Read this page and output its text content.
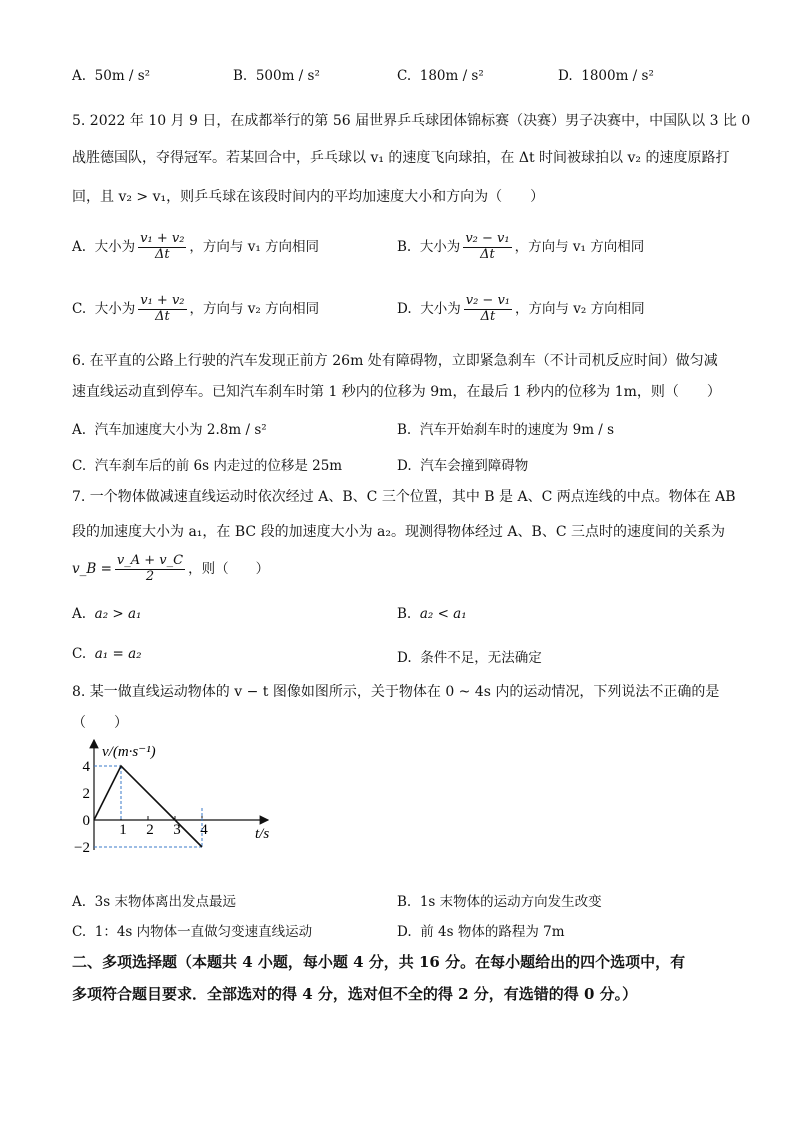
A. 50m / s²	B. 500m / s²	C. 180m / s²	D. 1800m / s²
5. 2022 年 10 月 9 日，在成都举行的第 56 届世界乒乓球团体锦标赛（决赛）男子决赛中，中国队以 3 比 0
战胜德国队，夺得冠军。若某回合中，乒乓球以 v₁ 的速度飞向球拍，在 Δt 时间被球拍以 v₂ 的速度原路打
回，且 v₂ > v₁，则乒乓球在该段时间内的平均加速度大小和方向为（　　）
A. 大小为 $\frac{\text{v₁ + v₂}}{\Delta t}$ ，方向与 v₁ 方向相同	B. 大小为 $\frac{\text{v₂ − v₁}}{\Delta t}$ ，方向与 v₁ 方向相同
C. 大小为 $\frac{\text{v₁ + v₂}}{\Delta t}$ ，方向与 v₂ 方向相同	D. 大小为 $\frac{\text{v₂ − v₁}}{\Delta t}$ ，方向与 v₂ 方向相同
6. 在平直的公路上行驶的汽车发现正前方 26m 处有障碍物，立即紧急刹车（不计司机反应时间）做匀减
速直线运动直到停车。已知汽车刹车时第 1 秒内的位移为 9m，在最后 1 秒内的位移为 1m，则（　　）
A. 汽车加速度大小为 2.8m / s²	B. 汽车开始刹车时的速度为 9m / s
C. 汽车刹车后的前 6s 内走过的位移是 25m	D. 汽车会撞到障碍物
7. 一个物体做减速直线运动时依次经过 A、B、C 三个位置，其中 B 是 A、C 两点连线的中点。物体在 AB
段的加速度大小为 a₁，在 BC 段的加速度大小为 a₂。现测得物体经过 A、B、C 三点时的速度间的关系为
v_B = $\frac{v\_A + v\_C}{2}$ ，则（　　）
A. a₂ > a₁	B. a₂ < a₁
C. a₁ = a₂	D. 条件不足，无法确定
8. 某一做直线运动物体的 v − t 图像如图所示，关于物体在 0 ~ 4s 内的运动情况，下列说法不正确的是
（　　）
v/(m·s⁻¹)
t/s
4
2
0
−2
1 2 3 4
A. 3s 末物体离出发点最远	B. 1s 末物体的运动方向发生改变
C. 1：4s 内物体一直做匀变速直线运动	D. 前 4s 物体的路程为 7m
二、多项选择题（本题共 4 小题，每小题 4 分，共 16 分。在每小题给出的四个选项中，有
多项符合题目要求．全部选对的得 4 分，选对但不全的得 2 分，有选错的得 0 分。）
